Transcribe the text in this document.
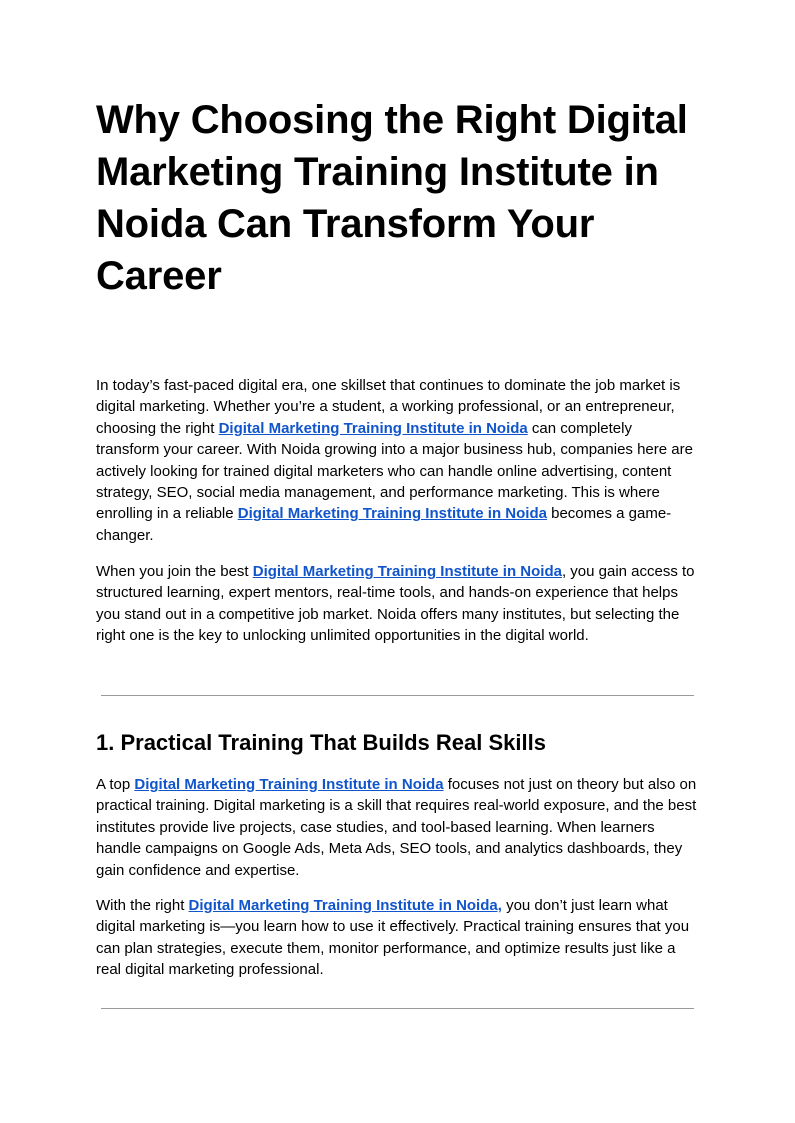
Why Choosing the Right Digital Marketing Training Institute in Noida Can Transform Your Career

In today’s fast-paced digital era, one skillset that continues to dominate the job market is digital marketing. Whether you’re a student, a working professional, or an entrepreneur, choosing the right Digital Marketing Training Institute in Noida can completely transform your career. With Noida growing into a major business hub, companies here are actively looking for trained digital marketers who can handle online advertising, content strategy, SEO, social media management, and performance marketing. This is where enrolling in a reliable Digital Marketing Training Institute in Noida becomes a game-changer.

When you join the best Digital Marketing Training Institute in Noida, you gain access to structured learning, expert mentors, real-time tools, and hands-on experience that helps you stand out in a competitive job market. Noida offers many institutes, but selecting the right one is the key to unlocking unlimited opportunities in the digital world.

1. Practical Training That Builds Real Skills

A top Digital Marketing Training Institute in Noida focuses not just on theory but also on practical training. Digital marketing is a skill that requires real-world exposure, and the best institutes provide live projects, case studies, and tool-based learning. When learners handle campaigns on Google Ads, Meta Ads, SEO tools, and analytics dashboards, they gain confidence and expertise.

With the right Digital Marketing Training Institute in Noida, you don’t just learn what digital marketing is—you learn how to use it effectively. Practical training ensures that you can plan strategies, execute them, monitor performance, and optimize results just like a real digital marketing professional.
